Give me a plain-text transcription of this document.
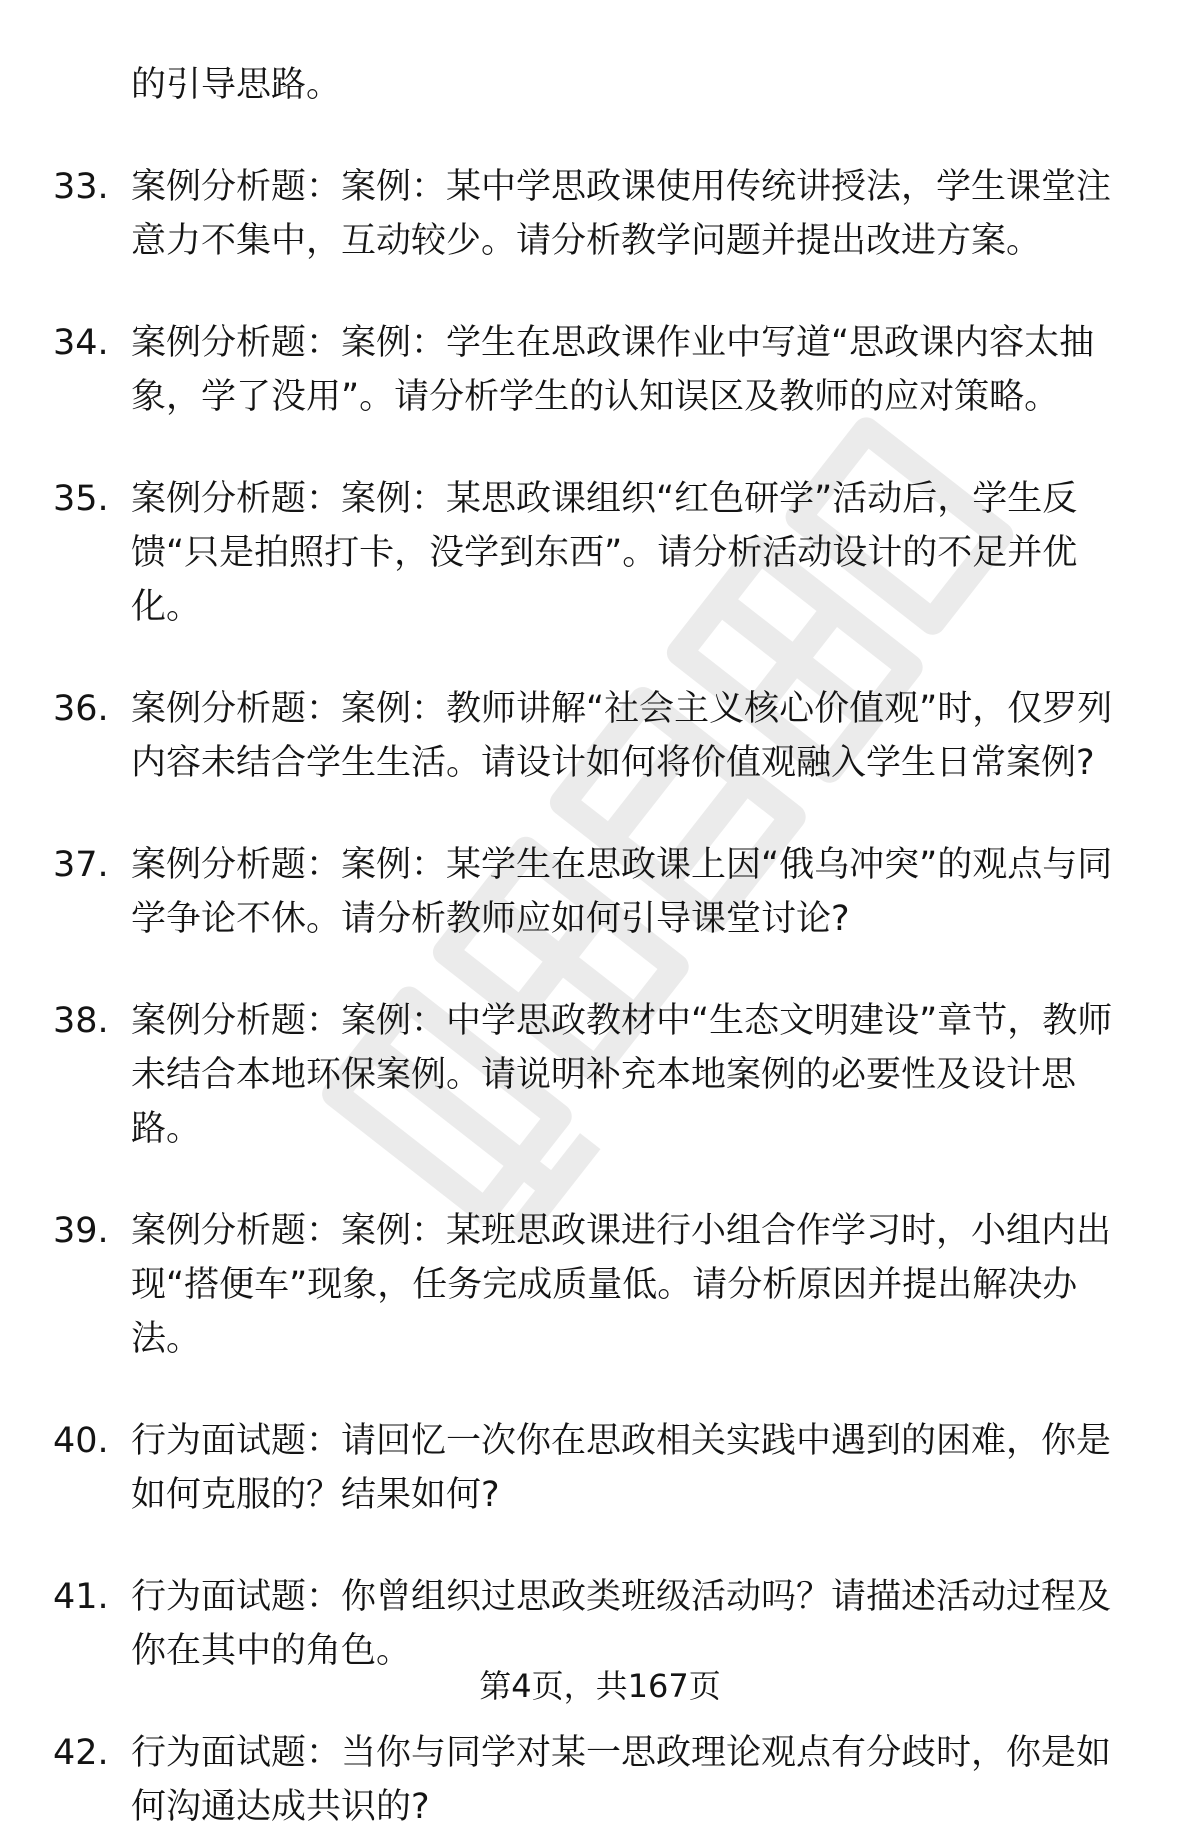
的引导思路。
33. 案例分析题：案例：某中学思政课使用传统讲授法，学生课堂注意力不集中，互动较少。请分析教学问题并提出改进方案。
34. 案例分析题：案例：学生在思政课作业中写道“思政课内容太抽象，学了没用”。请分析学生的认知误区及教师的应对策略。
35. 案例分析题：案例：某思政课组织“红色研学”活动后，学生反馈“只是拍照打卡，没学到东西”。请分析活动设计的不足并优化。
36. 案例分析题：案例：教师讲解“社会主义核心价值观”时，仅罗列内容未结合学生生活。请设计如何将价值观融入学生日常案例?
37. 案例分析题：案例：某学生在思政课上因“俄乌冲突”的观点与同学争论不休。请分析教师应如何引导课堂讨论?
38. 案例分析题：案例：中学思政教材中“生态文明建设”章节，教师未结合本地环保案例。请说明补充本地案例的必要性及设计思路。
39. 案例分析题：案例：某班思政课进行小组合作学习时，小组内出现“搭便车”现象，任务完成质量低。请分析原因并提出解决办法。
40. 行为面试题：请回忆一次你在思政相关实践中遇到的困难，你是如何克服的？结果如何?
41. 行为面试题：你曾组织过思政类班级活动吗？请描述活动过程及你在其中的角色。
42. 行为面试题：当你与同学对某一思政理论观点有分歧时，你是如何沟通达成共识的?
第4页，共167页
